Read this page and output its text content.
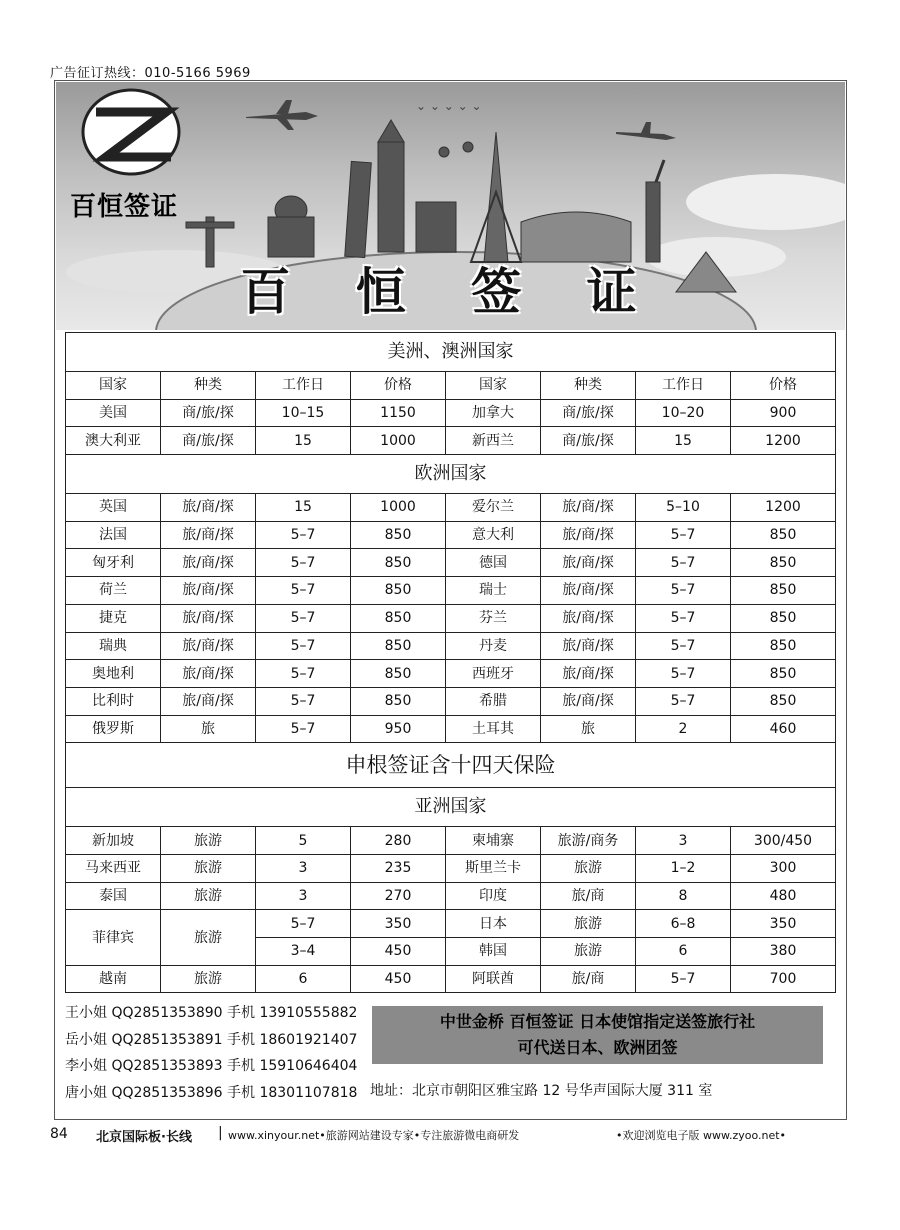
广告征订热线：010-5166 5969
⌄ ⌄ ⌄ ⌄ ⌄
百恒签证
百 恒 签 证
美洲、澳洲国家							
国家	种类	工作日	价格	国家	种类	工作日	价格
美国	商/旅/探	10–15	1150	加拿大	商/旅/探	10–20	900
澳大利亚	商/旅/探	15	1000	新西兰	商/旅/探	15	1200
欧洲国家							
英国	旅/商/探	15	1000	爱尔兰	旅/商/探	5–10	1200
法国	旅/商/探	5–7	850	意大利	旅/商/探	5–7	850
匈牙利	旅/商/探	5–7	850	德国	旅/商/探	5–7	850
荷兰	旅/商/探	5–7	850	瑞士	旅/商/探	5–7	850
捷克	旅/商/探	5–7	850	芬兰	旅/商/探	5–7	850
瑞典	旅/商/探	5–7	850	丹麦	旅/商/探	5–7	850
奥地利	旅/商/探	5–7	850	西班牙	旅/商/探	5–7	850
比利时	旅/商/探	5–7	850	希腊	旅/商/探	5–7	850
俄罗斯	旅	5–7	950	土耳其	旅	2	460
申根签证含十四天保险							
亚洲国家							
新加坡	旅游	5	280	柬埔寨	旅游/商务	3	300/450
马来西亚	旅游	3	235	斯里兰卡	旅游	1–2	300
泰国	旅游	3	270	印度	旅/商	8	480
菲律宾	旅游	5–7	350	日本	旅游	6–8	350
		3–4	450	韩国	旅游	6	380
越南	旅游	6	450	阿联酋	旅/商	5–7	700
王小姐 QQ2851353890 手机 13910555882
岳小姐 QQ2851353891 手机 18601921407
李小姐 QQ2851353893 手机 15910646404
唐小姐 QQ2851353896 手机 18301107818
中世金桥 百恒签证 日本使馆指定送签旅行社
可代送日本、欧洲团签
地址：北京市朝阳区雅宝路 12 号华声国际大厦 311 室
84 北京国际板·长线 | www.xinyour.net•旅游网站建设专家•专注旅游微电商研发	•欢迎浏览电子版 www.zyoo.net•
